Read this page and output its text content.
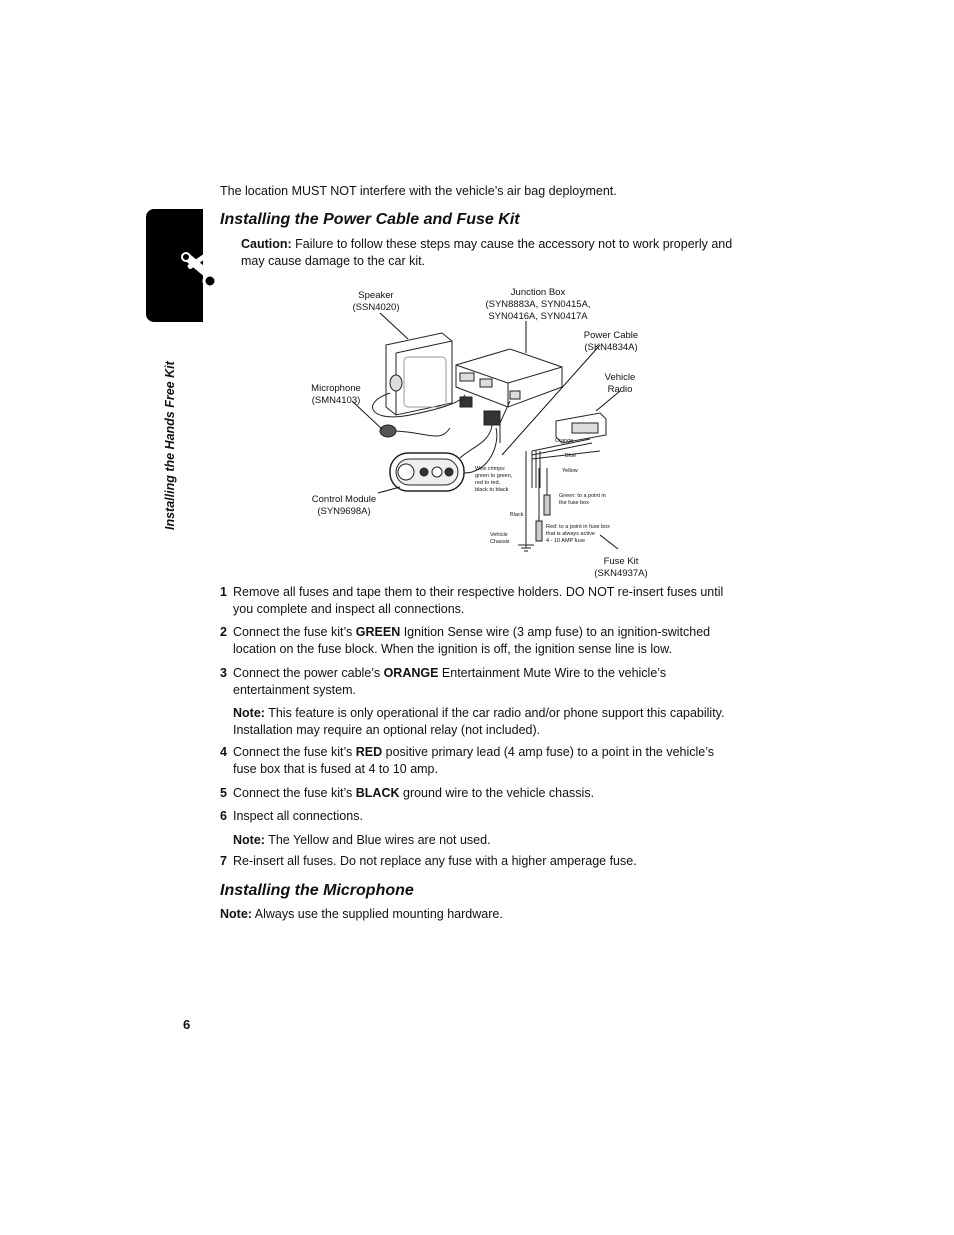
Installing the Hands Free Kit
The location MUST NOT interfere with the vehicle’s air bag deployment.
Installing the Power Cable and Fuse Kit
Caution: Failure to follow these steps may cause the accessory not to work properly and may cause damage to the car kit.
Speaker
(SSN4020)
Junction Box
(SYN8883A, SYN0415A,
SYN0416A, SYN0417A
Power Cable
(SKN4834A)
Vehicle
Radio
Microphone
(SMN4103)
Control Module
(SYN9698A)
Fuse Kit
(SKN4937A)
Orange
Blue
Yellow
Wire crimps:
green to green,
red to red,
black to black
Green: to a point in
the fuse box
Black
Red: to a point in fuse box
that is always active
4 - 10 AMP fuse
Vehicle
Chassis
1 Remove all fuses and tape them to their respective holders. DO NOT re-insert fuses until you complete and inspect all connections.
2 Connect the fuse kit’s GREEN Ignition Sense wire (3 amp fuse) to an ignition-switched location on the fuse block. When the ignition is off, the ignition sense line is low.
3 Connect the power cable’s ORANGE Entertainment Mute Wire to the vehicle’s entertainment system.
Note: This feature is only operational if the car radio and/or phone support this capability. Installation may require an optional relay (not included).
4 Connect the fuse kit’s RED positive primary lead (4 amp fuse) to a point in the vehicle’s fuse box that is fused at 4 to 10 amp.
5 Connect the fuse kit’s BLACK ground wire to the vehicle chassis.
6 Inspect all connections.
Note: The Yellow and Blue wires are not used.
7 Re-insert all fuses. Do not replace any fuse with a higher amperage fuse.
Installing the Microphone
Note: Always use the supplied mounting hardware.
6
